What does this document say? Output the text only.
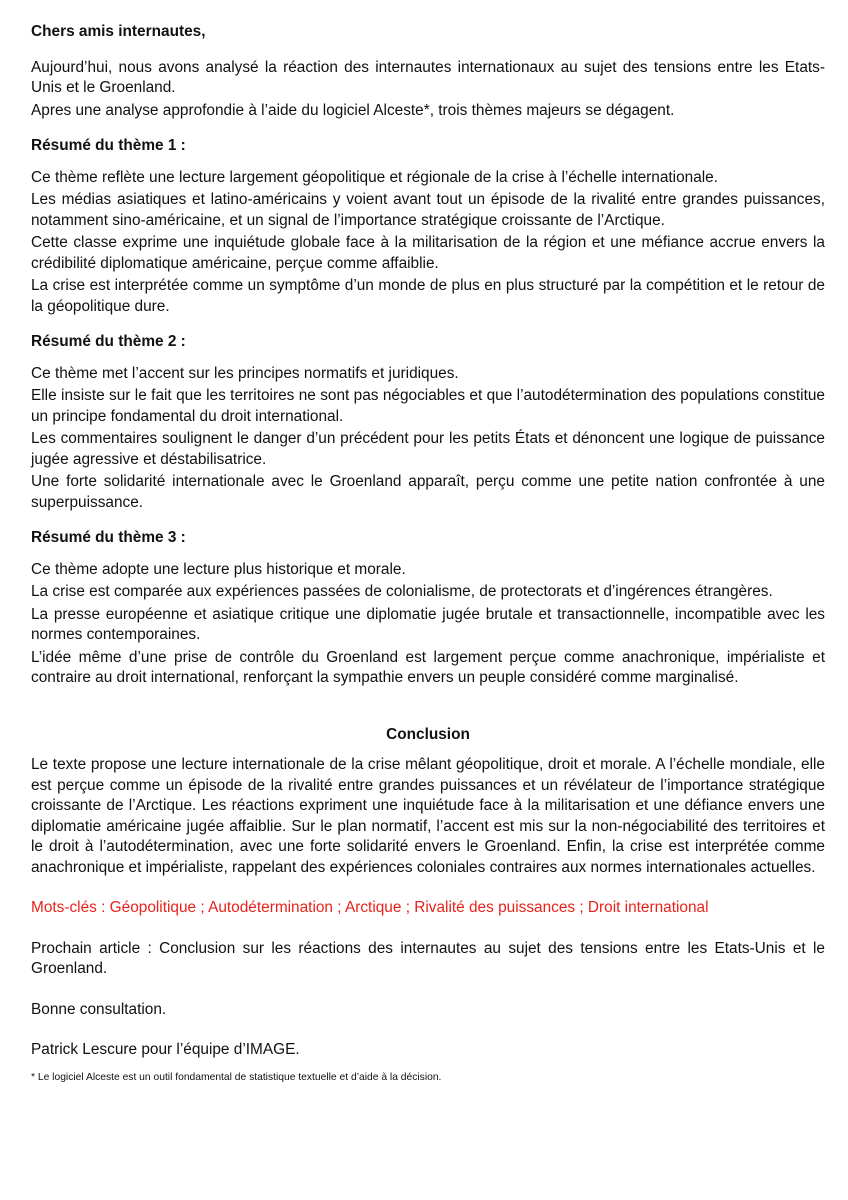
Chers amis internautes,

Aujourd’hui, nous avons analysé la réaction des internautes internationaux au sujet des tensions entre les Etats-Unis et le Groenland.

Apres une analyse approfondie à l’aide du logiciel Alceste*, trois thèmes majeurs se dégagent.

Résumé du thème 1 :

Ce thème reflète une lecture largement géopolitique et régionale de la crise à l’échelle internationale.

Les médias asiatiques et latino-américains y voient avant tout un épisode de la rivalité entre grandes puissances, notamment sino-américaine, et un signal de l’importance stratégique croissante de l’Arctique.

Cette classe exprime une inquiétude globale face à la militarisation de la région et une méfiance accrue envers la crédibilité diplomatique américaine, perçue comme affaiblie.

La crise est interprétée comme un symptôme d’un monde de plus en plus structuré par la compétition et le retour de la géopolitique dure.

Résumé du thème 2 :

Ce thème met l’accent sur les principes normatifs et juridiques.

Elle insiste sur le fait que les territoires ne sont pas négociables et que l’autodétermination des populations constitue un principe fondamental du droit international.

Les commentaires soulignent le danger d’un précédent pour les petits États et dénoncent une logique de puissance jugée agressive et déstabilisatrice.

Une forte solidarité internationale avec le Groenland apparaît, perçu comme une petite nation confrontée à une superpuissance.

Résumé du thème 3 :

Ce thème adopte une lecture plus historique et morale.

La crise est comparée aux expériences passées de colonialisme, de protectorats et d’ingérences étrangères.

La presse européenne et asiatique critique une diplomatie jugée brutale et transactionnelle, incompatible avec les normes contemporaines.

L’idée même d’une prise de contrôle du Groenland est largement perçue comme anachronique, impérialiste et contraire au droit international, renforçant la sympathie envers un peuple considéré comme marginalisé.

Conclusion

Le texte propose une lecture internationale de la crise mêlant géopolitique, droit et morale. A l’échelle mondiale, elle est perçue comme un épisode de la rivalité entre grandes puissances et un révélateur de l’importance stratégique croissante de l’Arctique. Les réactions expriment une inquiétude face à la militarisation et une défiance envers une diplomatie américaine jugée affaiblie. Sur le plan normatif, l’accent est mis sur la non-négociabilité des territoires et le droit à l’autodétermination, avec une forte solidarité envers le Groenland. Enfin, la crise est interprétée comme anachronique et impérialiste, rappelant des expériences coloniales contraires aux normes internationales actuelles.

Mots-clés : Géopolitique ; Autodétermination ; Arctique ; Rivalité des puissances ; Droit international

Prochain article : Conclusion sur les réactions des internautes au sujet des tensions entre les Etats-Unis et le Groenland.

Bonne consultation.

Patrick Lescure pour l’équipe d’IMAGE.

* Le logiciel Alceste est un outil fondamental de statistique textuelle et d’aide à la décision.
